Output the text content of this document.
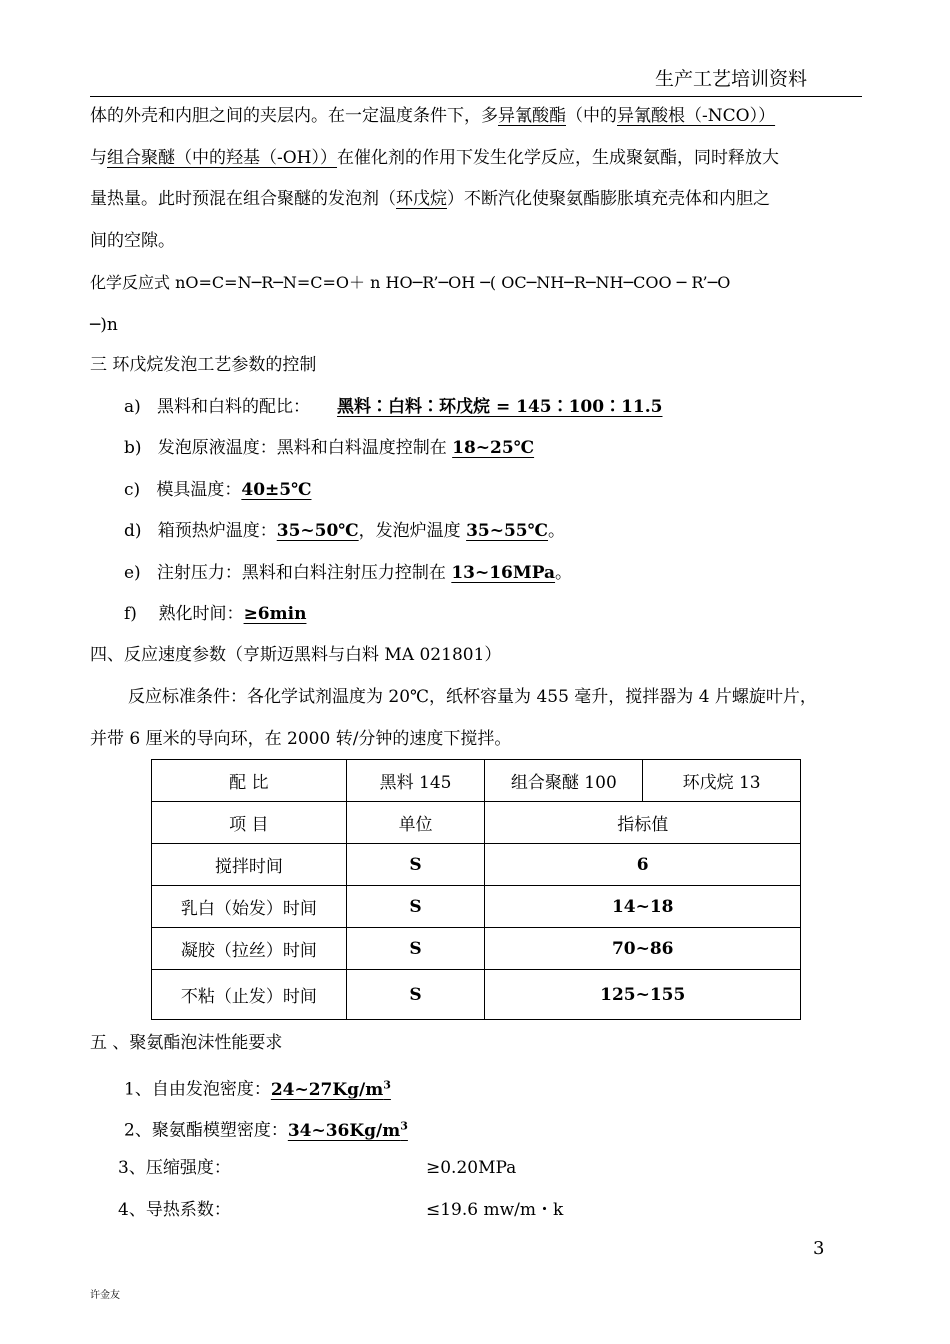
生产工艺培训资料
体的外壳和内胆之间的夹层内。在一定温度条件下，多异氰酸酯（中的异氰酸根（-NCO））
与组合聚醚（中的羟基（-OH））在催化剂的作用下发生化学反应，生成聚氨酯，同时释放大
量热量。此时预混在组合聚醚的发泡剂（环戊烷）不断汽化使聚氨酯膨胀填充壳体和内胆之
间的空隙。
化学反应式 nO=C=N─R─N=C=O＋ n HO─R’─OH ─( OC─NH─R─NH─COO ─ R’─O
─)n
三 环戊烷发泡工艺参数的控制
a) 黑料和白料的配比： 黑料∶白料∶环戊烷 = 145∶100∶11.5
b) 发泡原液温度：黑料和白料温度控制在 18~25℃
c) 模具温度：40±5℃
d) 箱预热炉温度：35~50℃，发泡炉温度 35~55℃。
e) 注射压力：黑料和白料注射压力控制在 13~16MPa。
f) 熟化时间：≥6min
四、反应速度参数（亨斯迈黑料与白料 MA 021801）
反应标准条件：各化学试剂温度为 20℃，纸杯容量为 455 毫升，搅拌器为 4 片螺旋叶片，
并带 6 厘米的导向环，在 2000 转/分钟的速度下搅拌。
配 比	黑料 145	组合聚醚 100	环戊烷 13
项 目	单位	指标值	
搅拌时间	S	6	
乳白（始发）时间	S	14~18	
凝胶（拉丝）时间	S	70~86	
不粘（止发）时间	S	125~155	
五 、聚氨酯泡沫性能要求
1、自由发泡密度：$24\sim 27Kg/m^3$
2、聚氨酯模塑密度：$34\sim 36Kg/m^3$
3、压缩强度：	≥0.20MPa
4、导热系数：	≤19.6 mw/m・k
3
许金友
